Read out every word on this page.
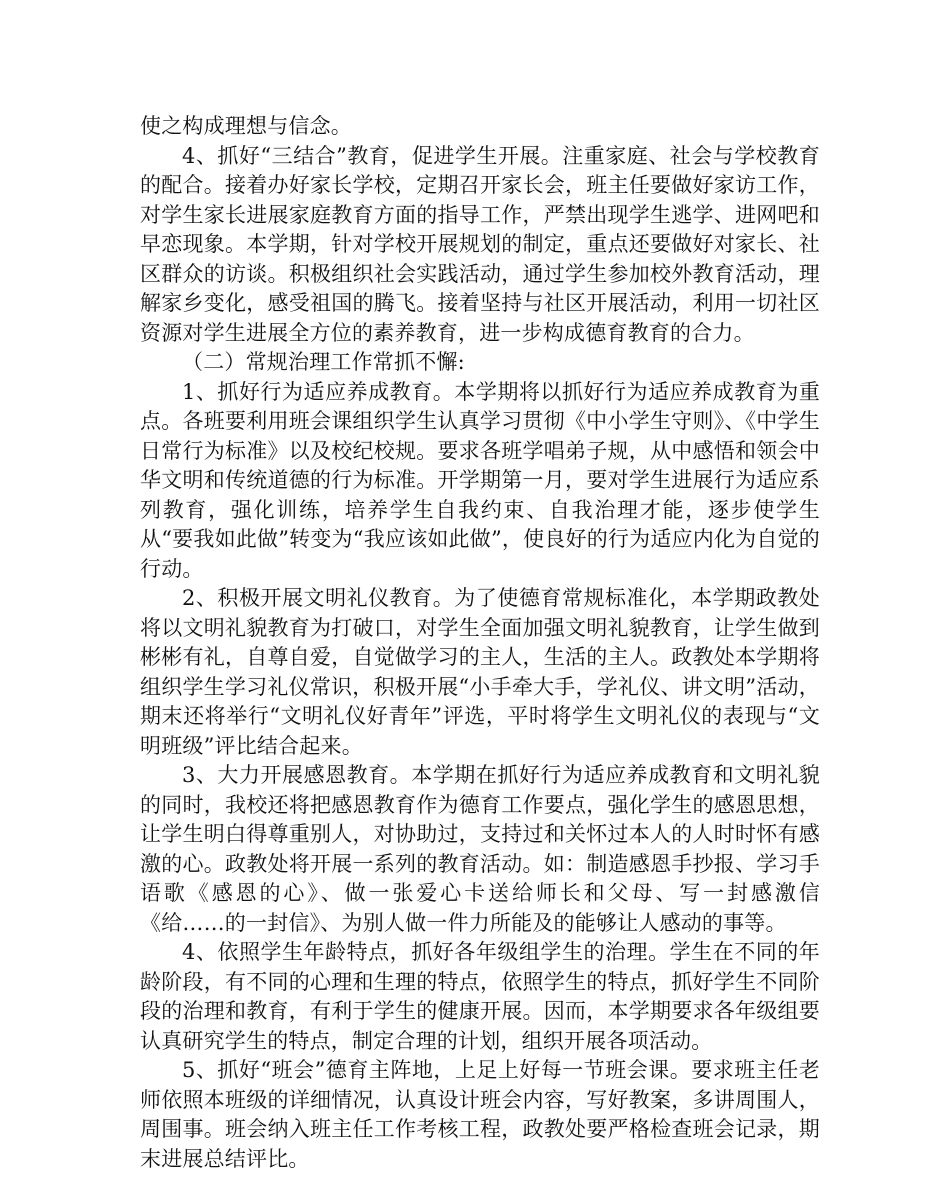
使之构成理想与信念。

4、抓好“三结合”教育，促进学生开展。注重家庭、社会与学校教育的配合。接着办好家长学校，定期召开家长会，班主任要做好家访工作，对学生家长进展家庭教育方面的指导工作，严禁出现学生逃学、进网吧和早恋现象。本学期，针对学校开展规划的制定，重点还要做好对家长、社区群众的访谈。积极组织社会实践活动，通过学生参加校外教育活动，理解家乡变化，感受祖国的腾飞。接着坚持与社区开展活动，利用一切社区资源对学生进展全方位的素养教育，进一步构成德育教育的合力。

（二）常规治理工作常抓不懈:

1、抓好行为适应养成教育。本学期将以抓好行为适应养成教育为重点。各班要利用班会课组织学生认真学习贯彻《中小学生守则》、《中学生日常行为标准》以及校纪校规。要求各班学唱弟子规，从中感悟和领会中华文明和传统道德的行为标准。开学期第一月，要对学生进展行为适应系列教育，强化训练，培养学生自我约束、自我治理才能，逐步使学生从“要我如此做”转变为“我应该如此做”，使良好的行为适应内化为自觉的行动。

2、积极开展文明礼仪教育。为了使德育常规标准化，本学期政教处将以文明礼貌教育为打破口，对学生全面加强文明礼貌教育，让学生做到彬彬有礼，自尊自爱，自觉做学习的主人，生活的主人。政教处本学期将组织学生学习礼仪常识，积极开展“小手牵大手，学礼仪、讲文明”活动，期末还将举行“文明礼仪好青年”评选，平时将学生文明礼仪的表现与“文明班级”评比结合起来。

3、大力开展感恩教育。本学期在抓好行为适应养成教育和文明礼貌的同时，我校还将把感恩教育作为德育工作要点，强化学生的感恩思想，让学生明白得尊重别人，对协助过，支持过和关怀过本人的人时时怀有感激的心。政教处将开展一系列的教育活动。如：制造感恩手抄报、学习手语歌《感恩的心》、做一张爱心卡送给师长和父母、写一封感激信《给……的一封信》、为别人做一件力所能及的能够让人感动的事等。

4、依照学生年龄特点，抓好各年级组学生的治理。学生在不同的年龄阶段，有不同的心理和生理的特点，依照学生的特点，抓好学生不同阶段的治理和教育，有利于学生的健康开展。因而，本学期要求各年级组要认真研究学生的特点，制定合理的计划，组织开展各项活动。

5、抓好“班会”德育主阵地，上足上好每一节班会课。要求班主任老师依照本班级的详细情况，认真设计班会内容，写好教案，多讲周围人，周围事。班会纳入班主任工作考核工程，政教处要严格检查班会记录，期末进展总结评比。
